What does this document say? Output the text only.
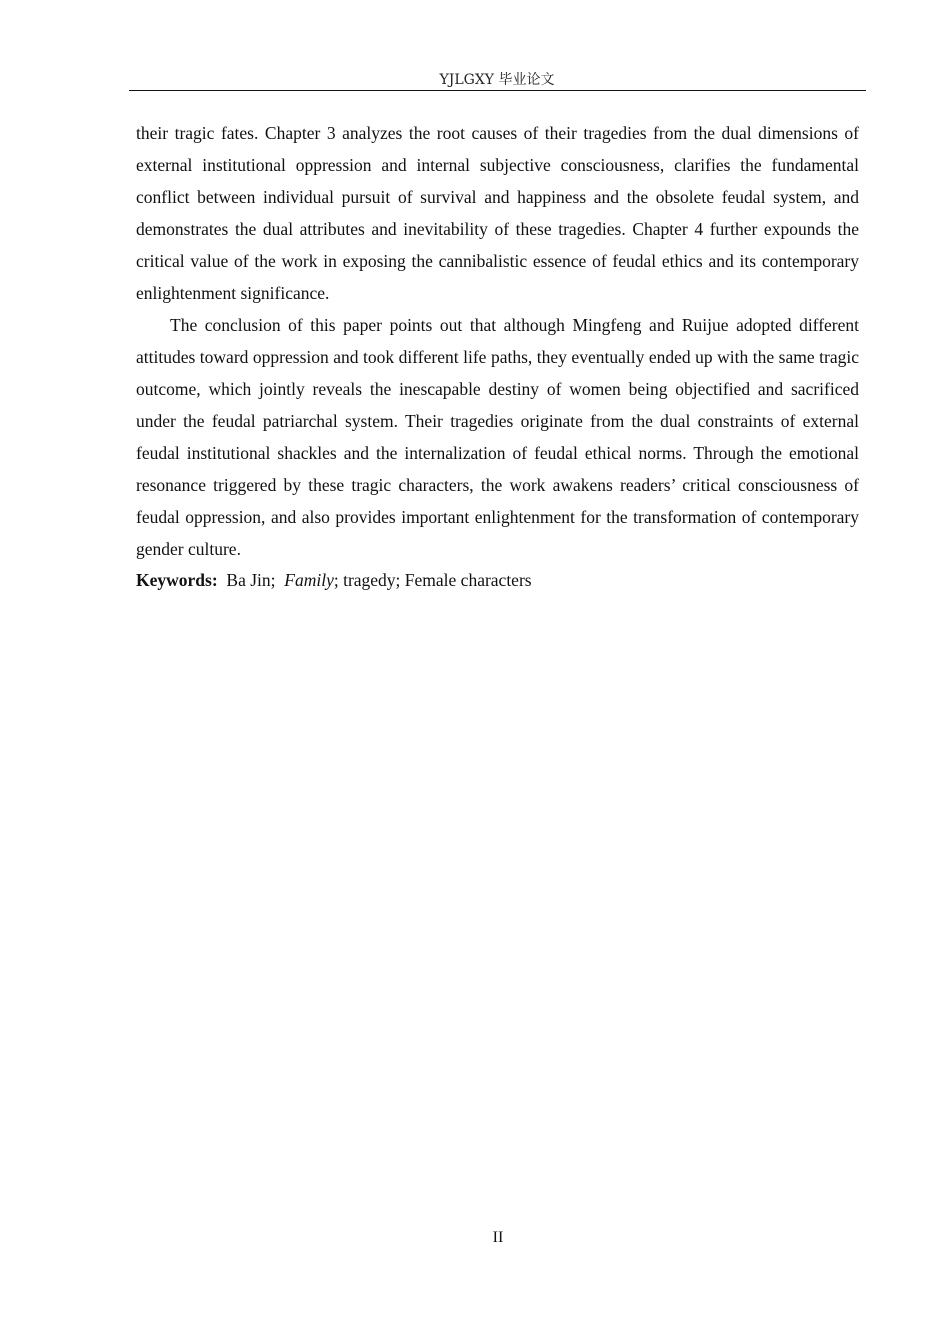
YJLGXY 毕业论文

their tragic fates. Chapter 3 analyzes the root causes of their tragedies from the dual dimensions of external institutional oppression and internal subjective consciousness, clarifies the fundamental conflict between individual pursuit of survival and happiness and the obsolete feudal system, and demonstrates the dual attributes and inevitability of these tragedies. Chapter 4 further expounds the critical value of the work in exposing the cannibalistic essence of feudal ethics and its contemporary enlightenment significance.

The conclusion of this paper points out that although Mingfeng and Ruijue adopted different attitudes toward oppression and took different life paths, they eventually ended up with the same tragic outcome, which jointly reveals the inescapable destiny of women being objectified and sacrificed under the feudal patriarchal system. Their tragedies originate from the dual constraints of external feudal institutional shackles and the internalization of feudal ethical norms. Through the emotional resonance triggered by these tragic characters, the work awakens readers’ critical consciousness of feudal oppression, and also provides important enlightenment for the transformation of contemporary gender culture.

Keywords: Ba Jin; Family; tragedy; Female characters

II
